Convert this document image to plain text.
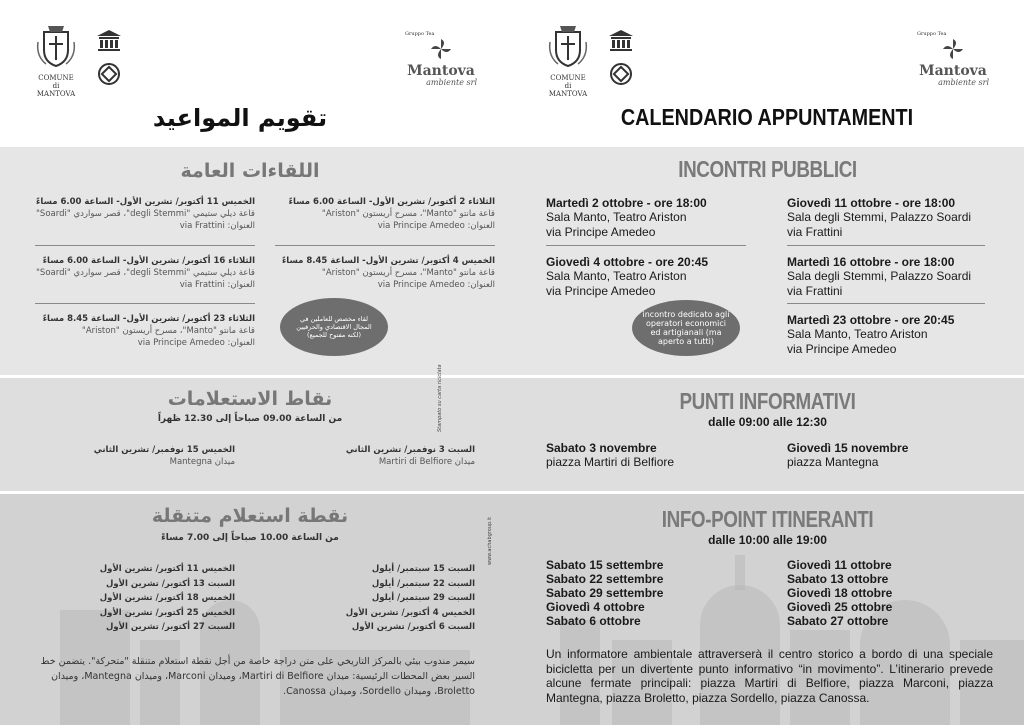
COMUNE di
MANTOVA
Gruppo Tea
Mantova
ambiente srl	COMUNE di
MANTOVA
Gruppo Tea
Mantova
ambiente srl
تقويم المواعيد	CALENDARIO APPUNTAMENTI
اللقاءات العامة
الثلاثاء 2 أكتوبر/ تشرين الأول- الساعة 6.00 مساءً
قاعة مانتو "Manto"، مسرح أريستون "Ariston"
العنوان: via Principe Amedeo
الخميس 11 أكتوبر/ تشرين الأول- الساعة 6.00 مساءً
قاعة ديلي ستيمي "degli Stemmi"، قصر سواردي "Soardi"
العنوان: via Frattini
الخميس 4 أكتوبر/ تشرين الأول- الساعة 8.45 مساءً
قاعة مانتو "Manto"، مسرح أريستون "Ariston"
العنوان: via Principe Amedeo
الثلاثاء 16 أكتوبر/ تشرين الأول- الساعة 6.00 مساءً
قاعة ديلي ستيمي "degli Stemmi"، قصر سواردي "Soardi"
العنوان: via Frattini
الثلاثاء 23 أكتوبر/ تشرين الأول- الساعة 8.45 مساءً
قاعة مانتو "Manto"، مسرح أريستون "Ariston"
العنوان: via Principe Amedeo
لقاء مخصص للعاملين في المجال الاقتصادي والحرفيين (لكنه مفتوح للجميع)
INCONTRI PUBBLICI
Martedì 2 ottobre - ore 18:00
Sala Manto, Teatro Ariston
via Principe Amedeo
Giovedì 4 ottobre - ore 20:45
Sala Manto, Teatro Ariston
via Principe Amedeo
Giovedì 11 ottobre - ore 18:00
Sala degli Stemmi, Palazzo Soardi
via Frattini
Martedì 16 ottobre - ore 18:00
Sala degli Stemmi, Palazzo Soardi
via Frattini
Martedì 23 ottobre - ore 20:45
Sala Manto, Teatro Ariston
via Principe Amedeo
incontro dedicato agli operatori economici ed artigianali (ma aperto a tutti)
نقاط الاستعلامات
من الساعة 09.00 صباحاً إلى 12.30 ظهراً
السبت 3 نوفمبر/ تشرين الثاني
ميدان Martiri di Belfiore
الخميس 15 نوفمبر/ تشرين الثاني
ميدان Mantegna
PUNTI INFORMATIVI
dalle 09:00 alle 12:30
Sabato 3 novembre
piazza Martiri di Belfiore
Giovedì 15 novembre
piazza Mantegna
Stampato su carta riciclata
www.achabgroup.it
نقطة استعلام متنقلة
من الساعة 10.00 صباحاً إلى 7.00 مساءً
السبت 15 سبتمبر/ أيلول
السبت 22 سبتمبر/ أيلول
السبت 29 سبتمبر/ أيلول
الخميس 4 أكتوبر/ تشرين الأول
السبت 6 أكتوبر/ تشرين الأول
الخميس 11 أكتوبر/ تشرين الأول
السبت 13 أكتوبر/ تشرين الأول
الخميس 18 أكتوبر/ تشرين الأول
الخميس 25 أكتوبر/ تشرين الأول
السبت 27 أكتوبر/ تشرين الأول
سيمر مندوب بيئي بالمركز التاريخي على متن دراجة خاصة من أجل نقطة استعلام متنقلة "متحركة". يتضمن خط السير بعض المحطات الرئيسية: ميدان Martiri di Belfiore، وميدان Marconi، وميدان Mantegna، وميدان Broletto، وميدان Sordello، وميدان Canossa.
INFO-POINT ITINERANTI
dalle 10:00 alle 19:00
Sabato 15 settembre
Sabato 22 settembre
Sabato 29 settembre
Giovedì 4 ottobre
Sabato 6 ottobre
Giovedì 11 ottobre
Sabato 13 ottobre
Giovedì 18 ottobre
Giovedì 25 ottobre
Sabato 27 ottobre
Un informatore ambientale attraverserà il centro storico a bordo di una speciale bicicletta per un divertente punto informativo “in movimento”. L’itinerario prevede alcune fermate principali: piazza Martiri di Belfiore, piazza Marconi, piazza Mantegna, piazza Broletto, piazza Sordello, piazza Canossa.
